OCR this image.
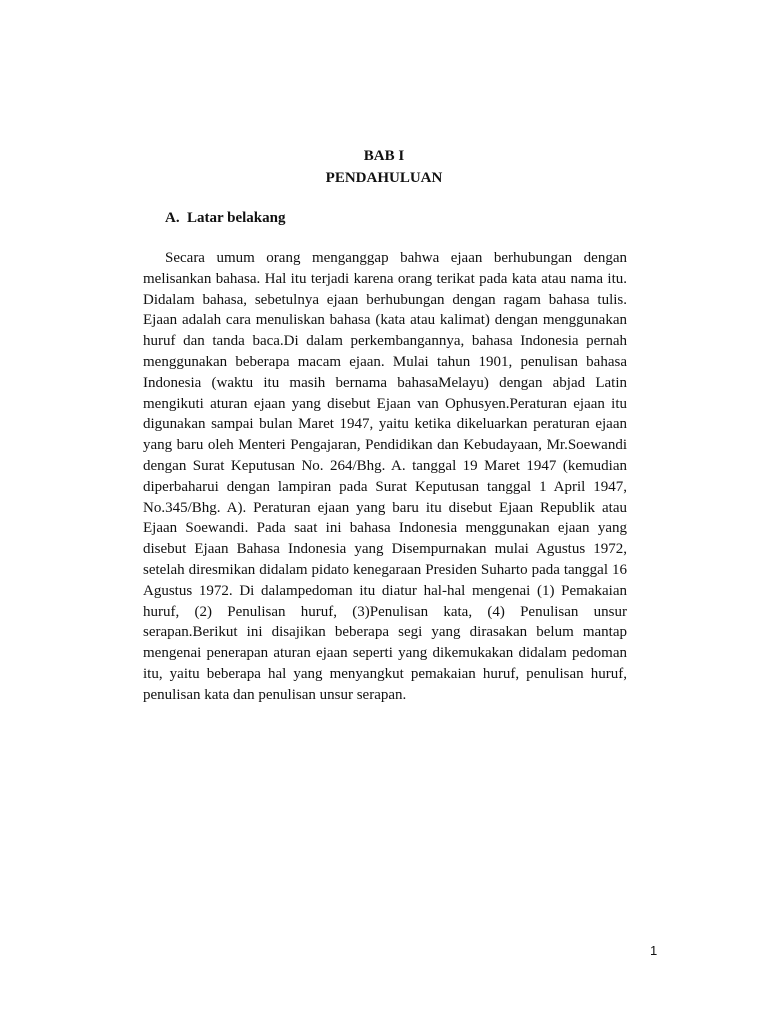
BAB I
PENDAHULUAN
A. Latar belakang

Secara umum orang menganggap bahwa ejaan berhubungan dengan melisankan bahasa. Hal itu terjadi karena orang terikat pada kata atau nama itu. Didalam bahasa, sebetulnya ejaan berhubungan dengan ragam bahasa tulis. Ejaan adalah cara menuliskan bahasa (kata atau kalimat) dengan menggunakan huruf dan tanda baca.Di dalam perkembangannya, bahasa Indonesia pernah menggunakan beberapa macam ejaan. Mulai tahun 1901, penulisan bahasa Indonesia (waktu itu masih bernama bahasaMelayu) dengan abjad Latin mengikuti aturan ejaan yang disebut Ejaan van Ophusyen.Peraturan ejaan itu digunakan sampai bulan Maret 1947, yaitu ketika dikeluarkan peraturan ejaan yang baru oleh Menteri Pengajaran, Pendidikan dan Kebudayaan, Mr.Soewandi dengan Surat Keputusan No. 264/Bhg. A. tanggal 19 Maret 1947 (kemudian diperbaharui dengan lampiran pada Surat Keputusan tanggal 1 April 1947, No.345/Bhg. A). Peraturan ejaan yang baru itu disebut Ejaan Republik atau Ejaan Soewandi. Pada saat ini bahasa Indonesia menggunakan ejaan yang disebut Ejaan Bahasa Indonesia yang Disempurnakan mulai Agustus 1972, setelah diresmikan didalam pidato kenegaraan Presiden Suharto pada tanggal 16 Agustus 1972. Di dalampedoman itu diatur hal-hal mengenai (1) Pemakaian huruf, (2) Penulisan huruf, (3)Penulisan kata, (4) Penulisan unsur serapan.Berikut ini disajikan beberapa segi yang dirasakan belum mantap mengenai penerapan aturan ejaan seperti yang dikemukakan didalam pedoman itu, yaitu beberapa hal yang menyangkut pemakaian huruf, penulisan huruf, penulisan kata dan penulisan unsur serapan.

1
